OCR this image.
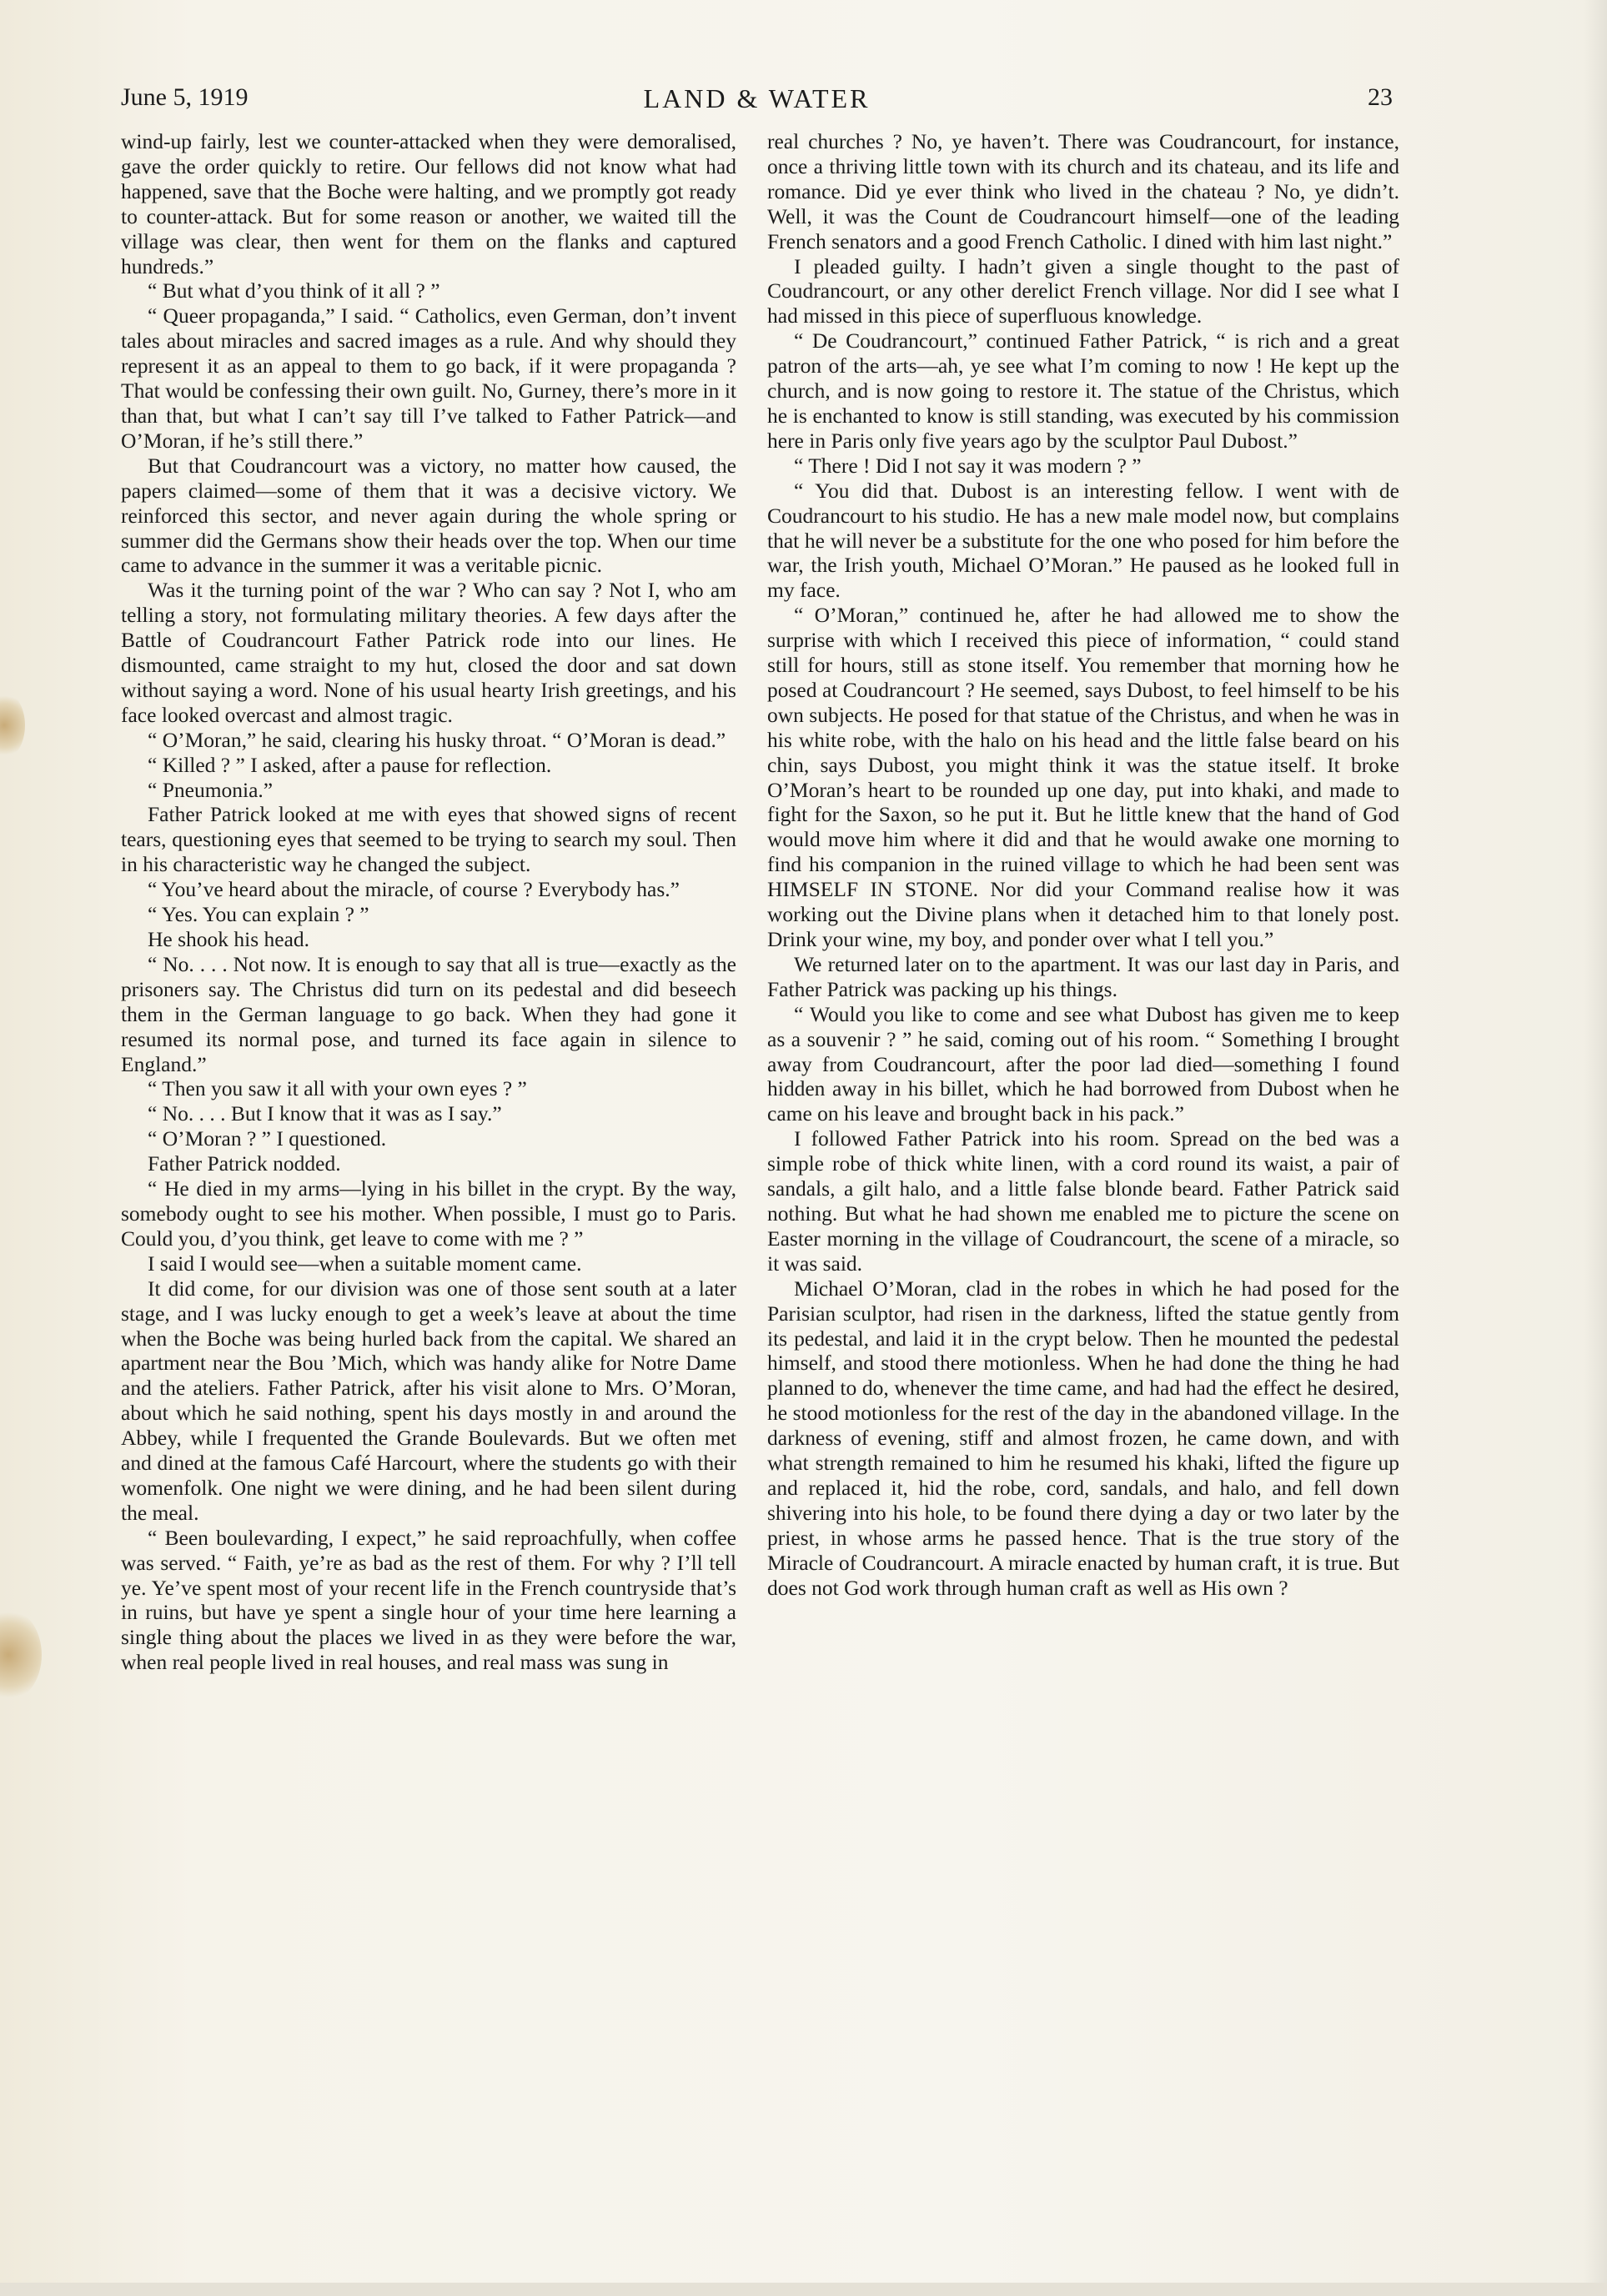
June 5, 1919	LAND & WATER	23

wind-up fairly, lest we counter-attacked when they were demoralised, gave the order quickly to retire. Our fellows did not know what had happened, save that the Boche were halting, and we promptly got ready to counter-attack. But for some reason or another, we waited till the village was clear, then went for them on the flanks and captured hundreds.”

“ But what d’you think of it all ? ”

“ Queer propaganda,” I said. “ Catholics, even German, don’t invent tales about miracles and sacred images as a rule. And why should they represent it as an appeal to them to go back, if it were propaganda ? That would be confessing their own guilt. No, Gurney, there’s more in it than that, but what I can’t say till I’ve talked to Father Patrick—and O’Moran, if he’s still there.”

But that Coudrancourt was a victory, no matter how caused, the papers claimed—some of them that it was a decisive victory. We reinforced this sector, and never again during the whole spring or summer did the Germans show their heads over the top. When our time came to advance in the summer it was a veritable picnic.

Was it the turning point of the war ? Who can say ? Not I, who am telling a story, not formulating military theories. A few days after the Battle of Coudrancourt Father Patrick rode into our lines. He dismounted, came straight to my hut, closed the door and sat down without saying a word. None of his usual hearty Irish greetings, and his face looked overcast and almost tragic.

“ O’Moran,” he said, clearing his husky throat. “ O’Moran is dead.”

“ Killed ? ” I asked, after a pause for reflection.

“ Pneumonia.”

Father Patrick looked at me with eyes that showed signs of recent tears, questioning eyes that seemed to be trying to search my soul. Then in his characteristic way he changed the subject.

“ You’ve heard about the miracle, of course ? Everybody has.”

“ Yes. You can explain ? ”

He shook his head.

“ No. . . . Not now. It is enough to say that all is true—exactly as the prisoners say. The Christus did turn on its pedestal and did beseech them in the German language to go back. When they had gone it resumed its normal pose, and turned its face again in silence to England.”

“ Then you saw it all with your own eyes ? ”

“ No. . . . But I know that it was as I say.”

“ O’Moran ? ” I questioned.

Father Patrick nodded.

“ He died in my arms—lying in his billet in the crypt. By the way, somebody ought to see his mother. When possible, I must go to Paris. Could you, d’you think, get leave to come with me ? ”

I said I would see—when a suitable moment came.

It did come, for our division was one of those sent south at a later stage, and I was lucky enough to get a week’s leave at about the time when the Boche was being hurled back from the capital. We shared an apartment near the Bou ’Mich, which was handy alike for Notre Dame and the ateliers. Father Patrick, after his visit alone to Mrs. O’Moran, about which he said nothing, spent his days mostly in and around the Abbey, while I frequented the Grande Boulevards. But we often met and dined at the famous Café Harcourt, where the students go with their womenfolk. One night we were dining, and he had been silent during the meal.

“ Been boulevarding, I expect,” he said reproachfully, when coffee was served. “ Faith, ye’re as bad as the rest of them. For why ? I’ll tell ye. Ye’ve spent most of your recent life in the French countryside that’s in ruins, but have ye spent a single hour of your time here learning a single thing about the places we lived in as they were before the war, when real people lived in real houses, and real mass was sung in

real churches ? No, ye haven’t. There was Coudrancourt, for instance, once a thriving little town with its church and its chateau, and its life and romance. Did ye ever think who lived in the chateau ? No, ye didn’t. Well, it was the Count de Coudrancourt himself—one of the leading French senators and a good French Catholic. I dined with him last night.”

I pleaded guilty. I hadn’t given a single thought to the past of Coudrancourt, or any other derelict French village. Nor did I see what I had missed in this piece of superfluous knowledge.

“ De Coudrancourt,” continued Father Patrick, “ is rich and a great patron of the arts—ah, ye see what I’m coming to now ! He kept up the church, and is now going to restore it. The statue of the Christus, which he is enchanted to know is still standing, was executed by his commission here in Paris only five years ago by the sculptor Paul Dubost.”

“ There ! Did I not say it was modern ? ”

“ You did that. Dubost is an interesting fellow. I went with de Coudrancourt to his studio. He has a new male model now, but complains that he will never be a substitute for the one who posed for him before the war, the Irish youth, Michael O’Moran.” He paused as he looked full in my face.

“ O’Moran,” continued he, after he had allowed me to show the surprise with which I received this piece of information, “ could stand still for hours, still as stone itself. You remember that morning how he posed at Coudrancourt ? He seemed, says Dubost, to feel himself to be his own subjects. He posed for that statue of the Christus, and when he was in his white robe, with the halo on his head and the little false beard on his chin, says Dubost, you might think it was the statue itself. It broke O’Moran’s heart to be rounded up one day, put into khaki, and made to fight for the Saxon, so he put it. But he little knew that the hand of God would move him where it did and that he would awake one morning to find his companion in the ruined village to which he had been sent was HIMSELF IN STONE. Nor did your Command realise how it was working out the Divine plans when it detached him to that lonely post. Drink your wine, my boy, and ponder over what I tell you.”

We returned later on to the apartment. It was our last day in Paris, and Father Patrick was packing up his things.

“ Would you like to come and see what Dubost has given me to keep as a souvenir ? ” he said, coming out of his room. “ Something I brought away from Coudrancourt, after the poor lad died—something I found hidden away in his billet, which he had borrowed from Dubost when he came on his leave and brought back in his pack.”

I followed Father Patrick into his room. Spread on the bed was a simple robe of thick white linen, with a cord round its waist, a pair of sandals, a gilt halo, and a little false blonde beard. Father Patrick said nothing. But what he had shown me enabled me to picture the scene on Easter morning in the village of Coudrancourt, the scene of a miracle, so it was said.

Michael O’Moran, clad in the robes in which he had posed for the Parisian sculptor, had risen in the darkness, lifted the statue gently from its pedestal, and laid it in the crypt below. Then he mounted the pedestal himself, and stood there motionless. When he had done the thing he had planned to do, whenever the time came, and had had the effect he desired, he stood motionless for the rest of the day in the abandoned village. In the darkness of evening, stiff and almost frozen, he came down, and with what strength remained to him he resumed his khaki, lifted the figure up and replaced it, hid the robe, cord, sandals, and halo, and fell down shivering into his hole, to be found there dying a day or two later by the priest, in whose arms he passed hence. That is the true story of the Miracle of Coudrancourt. A miracle enacted by human craft, it is true. But does not God work through human craft as well as His own ?
